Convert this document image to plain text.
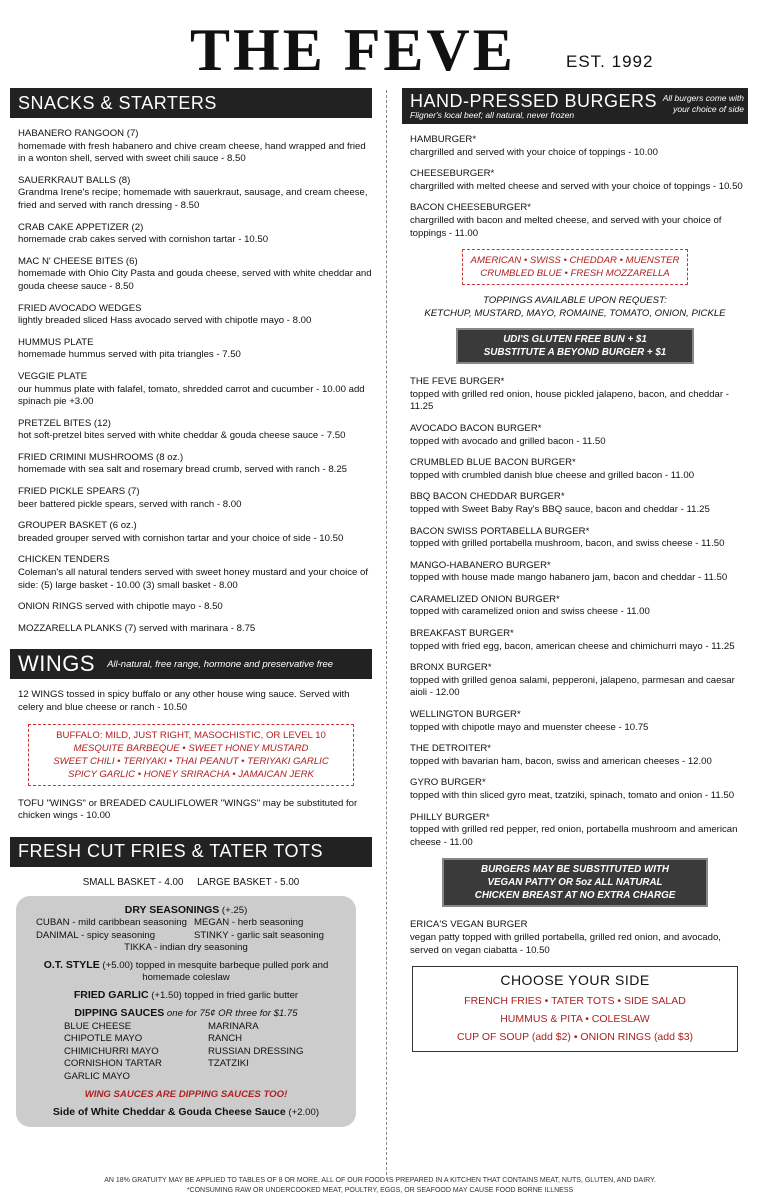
THE FEVE	EST. 1992
SNACKS & STARTERS
HABANERO RANGOON (7)
homemade with fresh habanero and chive cream cheese, hand wrapped and fried in a wonton shell, served with sweet chili sauce - 8.50
SAUERKRAUT BALLS (8)
Grandma Irene's recipe; homemade with sauerkraut, sausage, and cream cheese, fried and served with ranch dressing - 8.50
CRAB CAKE APPETIZER (2)
homemade crab cakes served with cornishon tartar - 10.50
MAC N' CHEESE BITES (6)
homemade with Ohio City Pasta and gouda cheese, served with white cheddar and gouda cheese sauce - 8.50
FRIED AVOCADO WEDGES
lightly breaded sliced Hass avocado served with chipotle mayo - 8.00
HUMMUS PLATE
homemade hummus served with pita triangles - 7.50
VEGGIE PLATE
our hummus plate with falafel, tomato, shredded carrot and cucumber - 10.00 add spinach pie +3.00
PRETZEL BITES (12)
hot soft-pretzel bites served with white cheddar & gouda cheese sauce - 7.50
FRIED CRIMINI MUSHROOMS (8 oz.)
homemade with sea salt and rosemary bread crumb, served with ranch - 8.25
FRIED PICKLE SPEARS (7)
beer battered pickle spears, served with ranch - 8.00
GROUPER BASKET (6 oz.)
breaded grouper served with cornishon tartar and your choice of side - 10.50
CHICKEN TENDERS
Coleman's all natural tenders served with sweet honey mustard and your choice of side: (5) large basket - 10.00 (3) small basket - 8.00
ONION RINGS served with chipotle mayo - 8.50
MOZZARELLA PLANKS (7) served with marinara - 8.75
WINGS All-natural, free range, hormone and preservative free
12 WINGS tossed in spicy buffalo or any other house wing sauce. Served with celery and blue cheese or ranch - 10.50
BUFFALO: MILD, JUST RIGHT, MASOCHISTIC, OR LEVEL 10
MESQUITE BARBEQUE • SWEET HONEY MUSTARD
SWEET CHILI • TERIYAKI • THAI PEANUT • TERIYAKI GARLIC
SPICY GARLIC • HONEY SRIRACHA • JAMAICAN JERK
TOFU "WINGS" or BREADED CAULIFLOWER "WINGS" may be substituted for chicken wings - 10.00
FRESH CUT FRIES & TATER TOTS
SMALL BASKET - 4.00     LARGE BASKET - 5.00
DRY SEASONINGS (+.25)
CUBAN - mild caribbean seasoning MEGAN - herb seasoning
DANIMAL - spicy seasoning	STINKY - garlic salt seasoning
TIKKA - indian dry seasoning
O.T. STYLE (+5.00) topped in mesquite barbeque pulled pork and homemade coleslaw
FRIED GARLIC (+1.50) topped in fried garlic butter
DIPPING SAUCES one for 75¢ OR three for $1.75
BLUE CHEESE	MARINARA
CHIPOTLE MAYO	RANCH
CHIMICHURRI MAYO	RUSSIAN DRESSING
CORNISHON TARTAR	TZATZIKI
GARLIC MAYO
WING SAUCES ARE DIPPING SAUCES TOO!
Side of White Cheddar & Gouda Cheese Sauce (+2.00)
HAND-PRESSED BURGERS
Fligner's local beef; all natural, never frozen
All burgers come with your choice of side
HAMBURGER*
chargrilled and served with your choice of toppings - 10.00
CHEESEBURGER*
chargrilled with melted cheese and served with your choice of toppings - 10.50
BACON CHEESEBURGER*
chargrilled with bacon and melted cheese, and served with your choice of toppings - 11.00
AMERICAN • SWISS • CHEDDAR • MUENSTER
CRUMBLED BLUE • FRESH MOZZARELLA
TOPPINGS AVAILABLE UPON REQUEST:
KETCHUP, MUSTARD, MAYO, ROMAINE, TOMATO, ONION, PICKLE
UDI'S GLUTEN FREE BUN + $1
SUBSTITUTE A BEYOND BURGER + $1
THE FEVE BURGER*
topped with grilled red onion, house pickled jalapeno, bacon, and cheddar - 11.25
AVOCADO BACON BURGER*
topped with avocado and grilled bacon - 11.50
CRUMBLED BLUE BACON BURGER*
topped with crumbled danish blue cheese and grilled bacon - 11.00
BBQ BACON CHEDDAR BURGER*
topped with Sweet Baby Ray's BBQ sauce, bacon and cheddar - 11.25
BACON SWISS PORTABELLA BURGER*
topped with grilled portabella mushroom, bacon, and swiss cheese - 11.50
MANGO-HABANERO BURGER*
topped with house made mango habanero jam, bacon and cheddar - 11.50
CARAMELIZED ONION BURGER*
topped with caramelized onion and swiss cheese - 11.00
BREAKFAST BURGER*
topped with fried egg, bacon, american cheese and chimichurri mayo - 11.25
BRONX BURGER*
topped with grilled genoa salami, pepperoni, jalapeno, parmesan and caesar aioli - 12.00
WELLINGTON BURGER*
topped with chipotle mayo and muenster cheese - 10.75
THE DETROITER*
topped with bavarian ham, bacon, swiss and american cheeses - 12.00
GYRO BURGER*
topped with thin sliced gyro meat, tzatziki, spinach, tomato and onion - 11.50
PHILLY BURGER*
topped with grilled red pepper, red onion, portabella mushroom and american cheese - 11.00
BURGERS MAY BE SUBSTITUTED WITH
VEGAN PATTY OR 5oz ALL NATURAL
CHICKEN BREAST AT NO EXTRA CHARGE
ERICA'S VEGAN BURGER
vegan patty topped with grilled portabella, grilled red onion, and avocado, served on vegan ciabatta - 10.50
CHOOSE YOUR SIDE
FRENCH FRIES • TATER TOTS • SIDE SALAD
HUMMUS & PITA • COLESLAW
CUP OF SOUP (add $2) • ONION RINGS (add $3)
AN 18% GRATUITY MAY BE APPLIED TO TABLES OF 8 OR MORE. ALL OF OUR FOOD IS PREPARED IN A KITCHEN THAT CONTAINS MEAT, NUTS, GLUTEN, AND DAIRY.
*CONSUMING RAW OR UNDERCOOKED MEAT, POULTRY, EGGS, OR SEAFOOD MAY CAUSE FOOD BORNE ILLNESS
